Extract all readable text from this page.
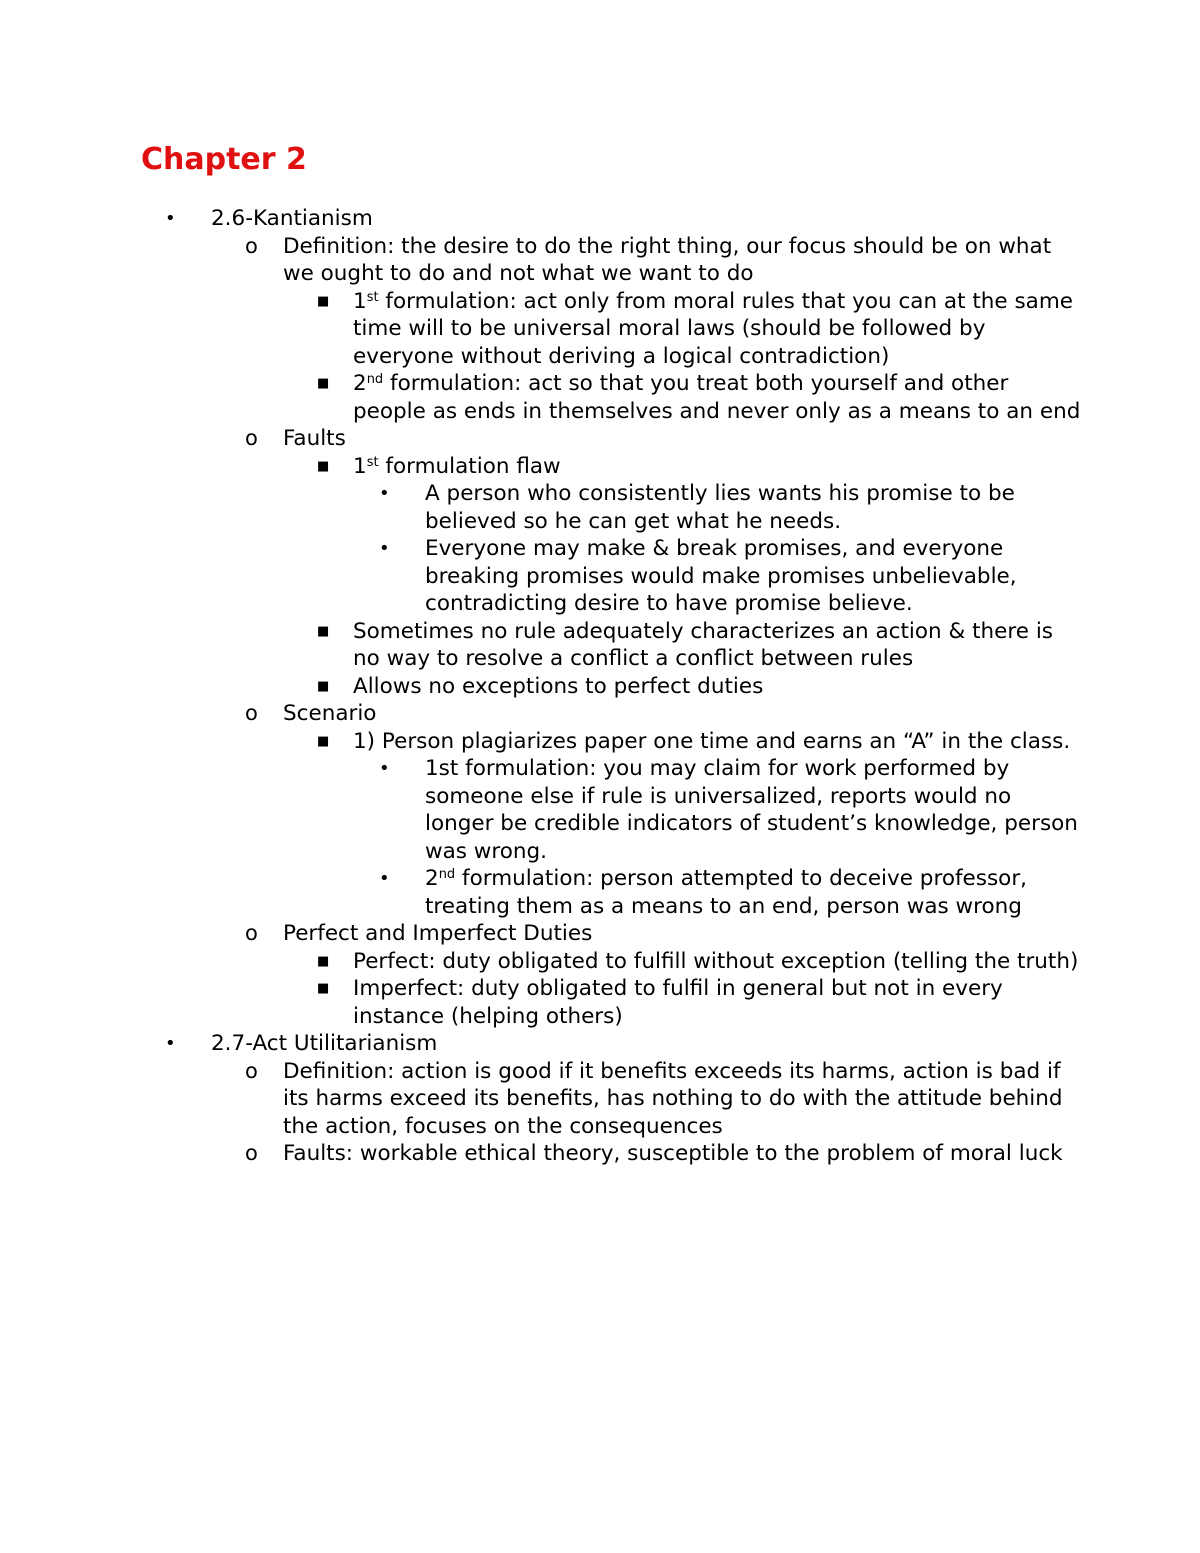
Chapter 2
• 2.6-Kantianism
o Definition: the desire to do the right thing, our focus should be on what we ought to do and not what we want to do
■ 1st formulation: act only from moral rules that you can at the same time will to be universal moral laws (should be followed by everyone without deriving a logical contradiction)
■ 2nd formulation: act so that you treat both yourself and other people as ends in themselves and never only as a means to an end
o Faults
■ 1st formulation flaw
• A person who consistently lies wants his promise to be believed so he can get what he needs.
• Everyone may make & break promises, and everyone breaking promises would make promises unbelievable, contradicting desire to have promise believe.
■ Sometimes no rule adequately characterizes an action & there is no way to resolve a conflict a conflict between rules
■ Allows no exceptions to perfect duties
o Scenario
■ 1) Person plagiarizes paper one time and earns an “A” in the class.
• 1st formulation: you may claim for work performed by someone else if rule is universalized, reports would no longer be credible indicators of student’s knowledge, person was wrong.
• 2nd formulation: person attempted to deceive professor, treating them as a means to an end, person was wrong
o Perfect and Imperfect Duties
■ Perfect: duty obligated to fulfill without exception (telling the truth)
■ Imperfect: duty obligated to fulfil in general but not in every instance (helping others)
• 2.7-Act Utilitarianism
o Definition: action is good if it benefits exceeds its harms, action is bad if its harms exceed its benefits, has nothing to do with the attitude behind the action, focuses on the consequences
o Faults: workable ethical theory, susceptible to the problem of moral luck
